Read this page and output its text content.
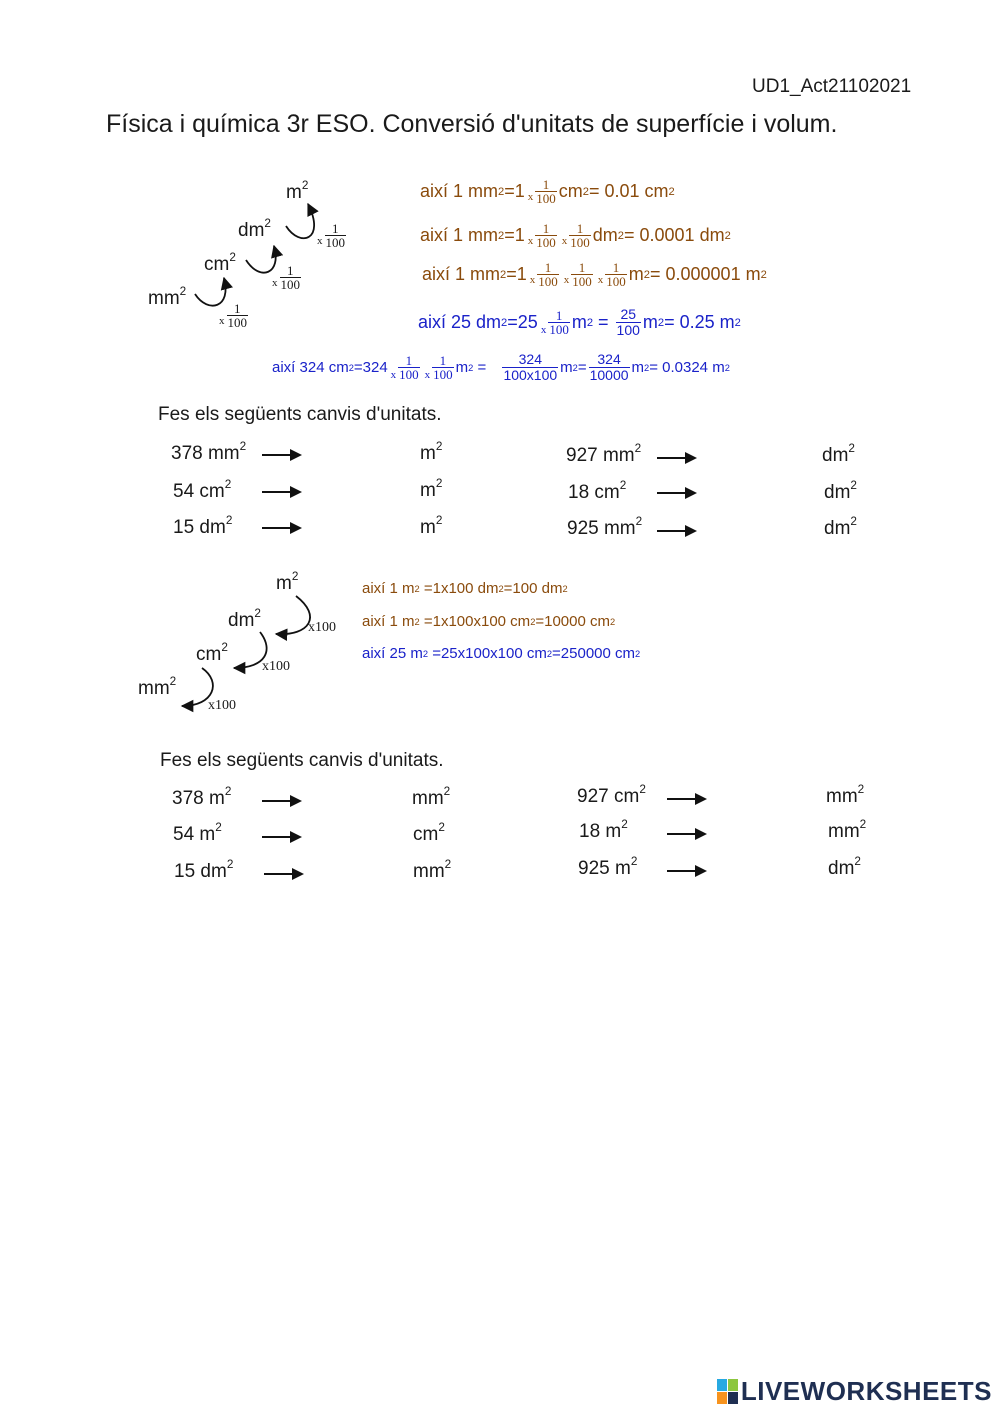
UD1_Act21102021
Física i química 3r ESO. Conversió d'unitats de superfície i volum.
$m^2$
$dm^2$
$cm^2$
$mm^2$
x
1
100
x
1
100
x
1
100
així 1 mm 2 =1 x
1
100 cm 2 = 0.01 cm 2
així 1 mm 2 =1 x
1
100 x
1
100 dm 2 = 0.0001 dm 2
així 1 mm 2 =1 x
1
100 x
1
100 x
1
100 m 2 = 0.000001 m 2
així 25 dm 2 =25 x
1
100 m $2 = \frac{25}{100}$ m 2 = 0.25 m 2
així 324 cm 2 =324 x
1
100 x
1
100 m $2 = \frac{324}{100x100}$ m $2 = \frac{324}{10000}$ m 2 = 0.0324 m 2
Fes els següents canvis d'unitats.
378 $mm^2$	$m^2$
54 $cm^2$	$m^2$
15 $dm^2$	$m^2$
927 $mm^2$	$dm^2$
18 $cm^2$	$dm^2$
925 $mm^2$	$dm^2$
$m^2$
$dm^2$
$cm^2$
$mm^2$
x100
x100
x100
així 1 m 2 =1x100 dm 2 =100 dm 2
així 1 m 2 =1x100x100 cm 2 =10000 cm 2
així 25 m 2 =25x100x100 cm 2 =250000 cm 2
Fes els següents canvis d'unitats.
378 $m^2$	$mm^2$
54 $m^2$	$cm^2$
15 $dm^2$	$mm^2$
927 $cm^2$	$mm^2$
18 $m^2$	$mm^2$
925 $m^2$	$dm^2$
LIVEWORKSHEETS
